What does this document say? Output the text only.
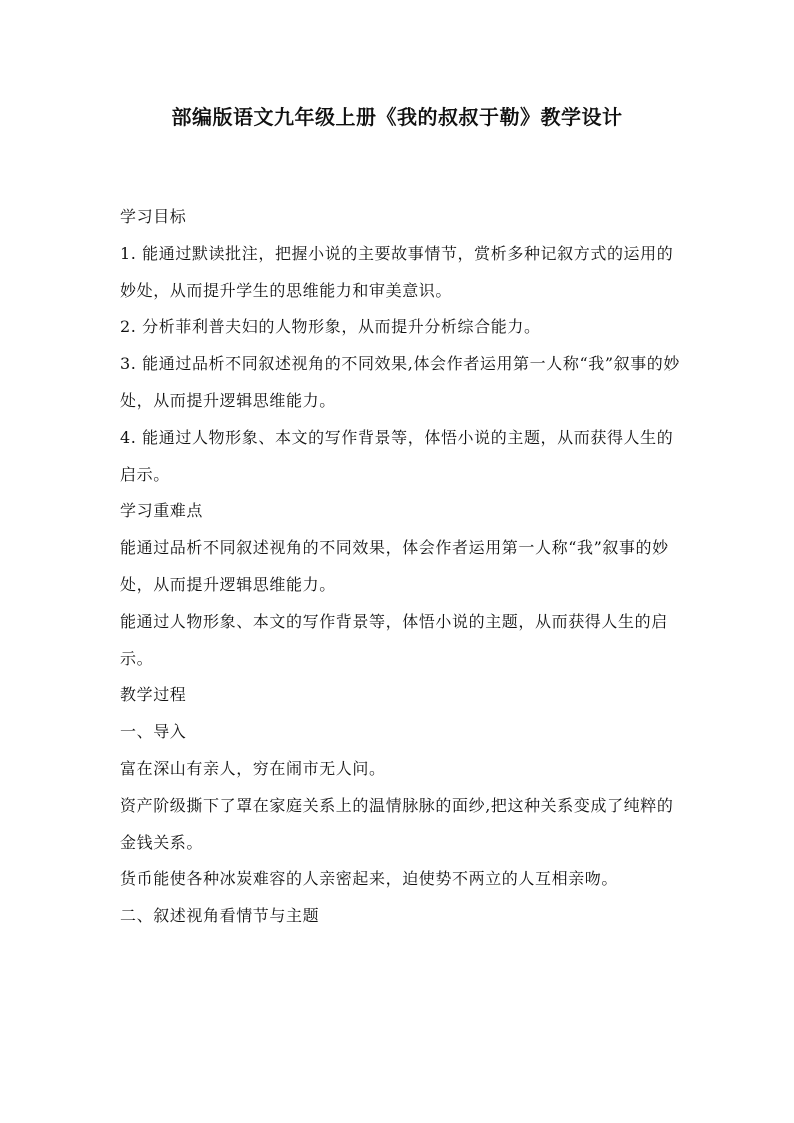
部编版语文九年级上册《我的叔叔于勒》教学设计

学习目标

1. 能通过默读批注，把握小说的主要故事情节，赏析多种记叙方式的运用的妙处，从而提升学生的思维能力和审美意识。

2. 分析菲利普夫妇的人物形象，从而提升分析综合能力。

3. 能通过品析不同叙述视角的不同效果,体会作者运用第一人称“我”叙事的妙处，从而提升逻辑思维能力。

4. 能通过人物形象、本文的写作背景等，体悟小说的主题，从而获得人生的启示。

学习重难点

能通过品析不同叙述视角的不同效果，体会作者运用第一人称“我”叙事的妙处，从而提升逻辑思维能力。

能通过人物形象、本文的写作背景等，体悟小说的主题，从而获得人生的启示。

教学过程

一、导入

富在深山有亲人，穷在闹市无人问。

资产阶级撕下了罩在家庭关系上的温情脉脉的面纱,把这种关系变成了纯粹的金钱关系。

货币能使各种冰炭难容的人亲密起来，迫使势不两立的人互相亲吻。

二、叙述视角看情节与主题
